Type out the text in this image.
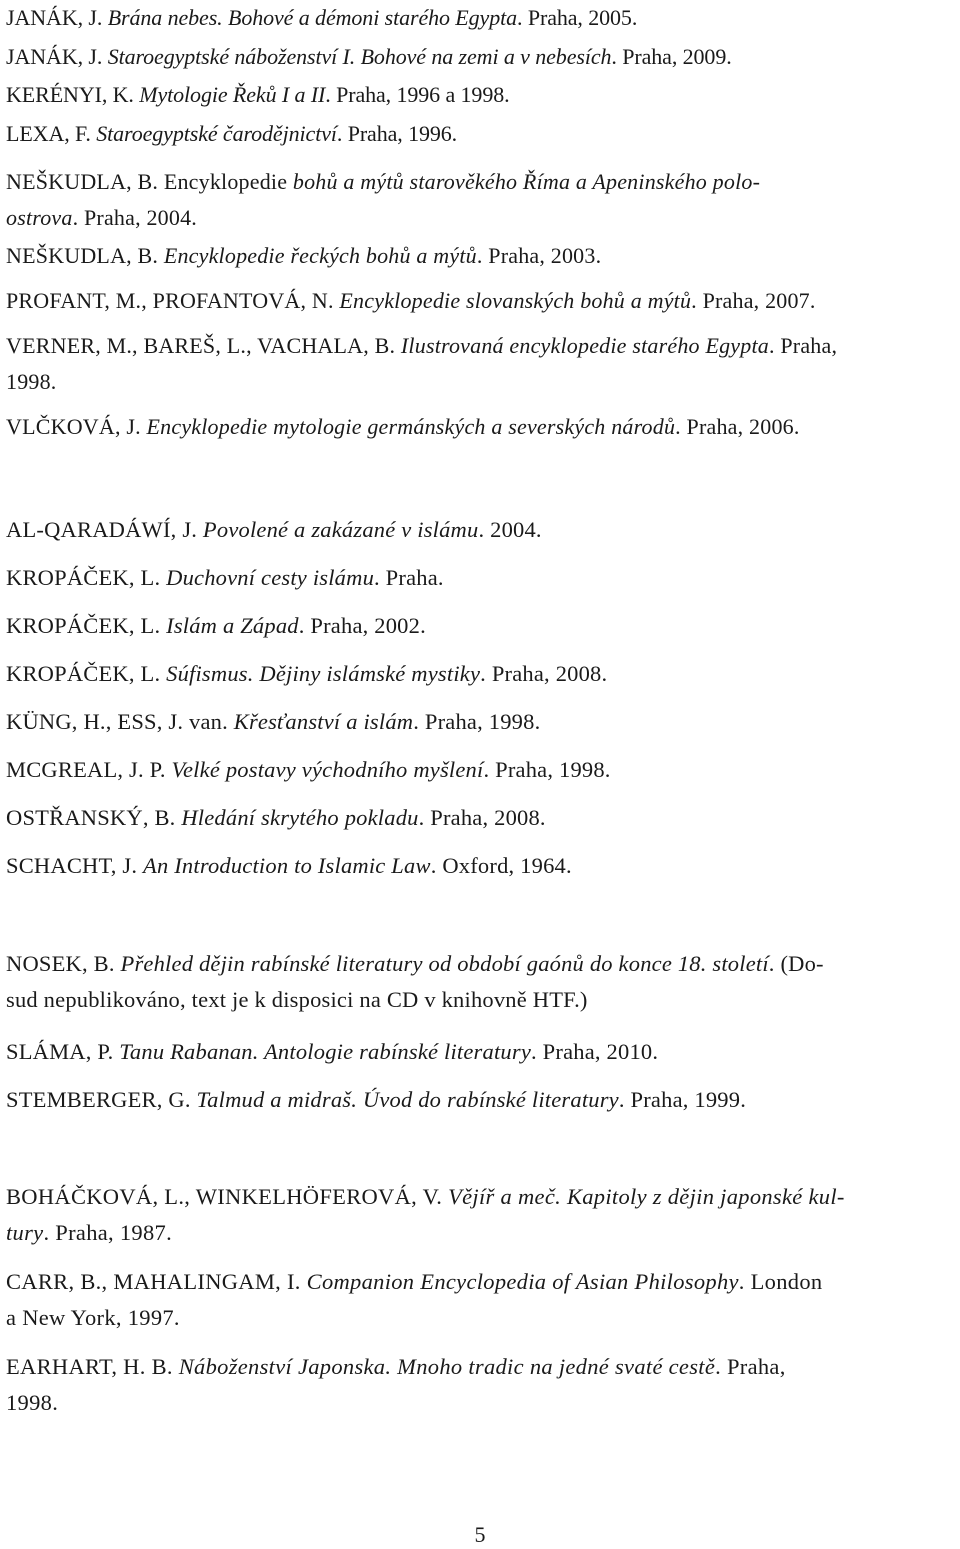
JANÁK, J. Brána nebes. Bohové a démoni starého Egypta. Praha, 2005.
JANÁK, J. Staroegyptské náboženství I. Bohové na zemi a v nebesích. Praha, 2009.
KERÉNYI, K. Mytologie Řeků I a II. Praha, 1996 a 1998.
LEXA, F. Staroegyptské čarodějnictví. Praha, 1996.
NEŠKUDLA, B. Encyklopedie bohů a mýtů starověkého Říma a Apeninského polo-
ostrova. Praha, 2004.
NEŠKUDLA, B. Encyklopedie řeckých bohů a mýtů. Praha, 2003.
PROFANT, M., PROFANTOVÁ, N. Encyklopedie slovanských bohů a mýtů. Praha, 2007.
VERNER, M., BAREŠ, L., VACHALA, B. Ilustrovaná encyklopedie starého Egypta. Praha,
1998.
VLČKOVÁ, J. Encyklopedie mytologie germánských a severských národů. Praha, 2006.
AL-QARADÁWÍ, J. Povolené a zakázané v islámu. 2004.
KROPÁČEK, L. Duchovní cesty islámu. Praha.
KROPÁČEK, L. Islám a Západ. Praha, 2002.
KROPÁČEK, L. Súfismus. Dějiny islámské mystiky. Praha, 2008.
KÜNG, H., ESS, J. van. Křesťanství a islám. Praha, 1998.
MCGREAL, J. P. Velké postavy východního myšlení. Praha, 1998.
OSTŘANSKÝ, B. Hledání skrytého pokladu. Praha, 2008.
SCHACHT, J. An Introduction to Islamic Law. Oxford, 1964.
NOSEK, B. Přehled dějin rabínské literatury od období gaónů do konce 18. století. (Do-
sud nepublikováno, text je k disposici na CD v knihovně HTF.)
SLÁMA, P. Tanu Rabanan. Antologie rabínské literatury. Praha, 2010.
STEMBERGER, G. Talmud a midraš. Úvod do rabínské literatury. Praha, 1999.
BOHÁČKOVÁ, L., WINKELHÖFEROVÁ, V. Vějíř a meč. Kapitoly z dějin japonské kul-
tury. Praha, 1987.
CARR, B., MAHALINGAM, I. Companion Encyclopedia of Asian Philosophy. London
a New York, 1997.
EARHART, H. B. Náboženství Japonska. Mnoho tradic na jedné svaté cestě. Praha,
1998.
5
